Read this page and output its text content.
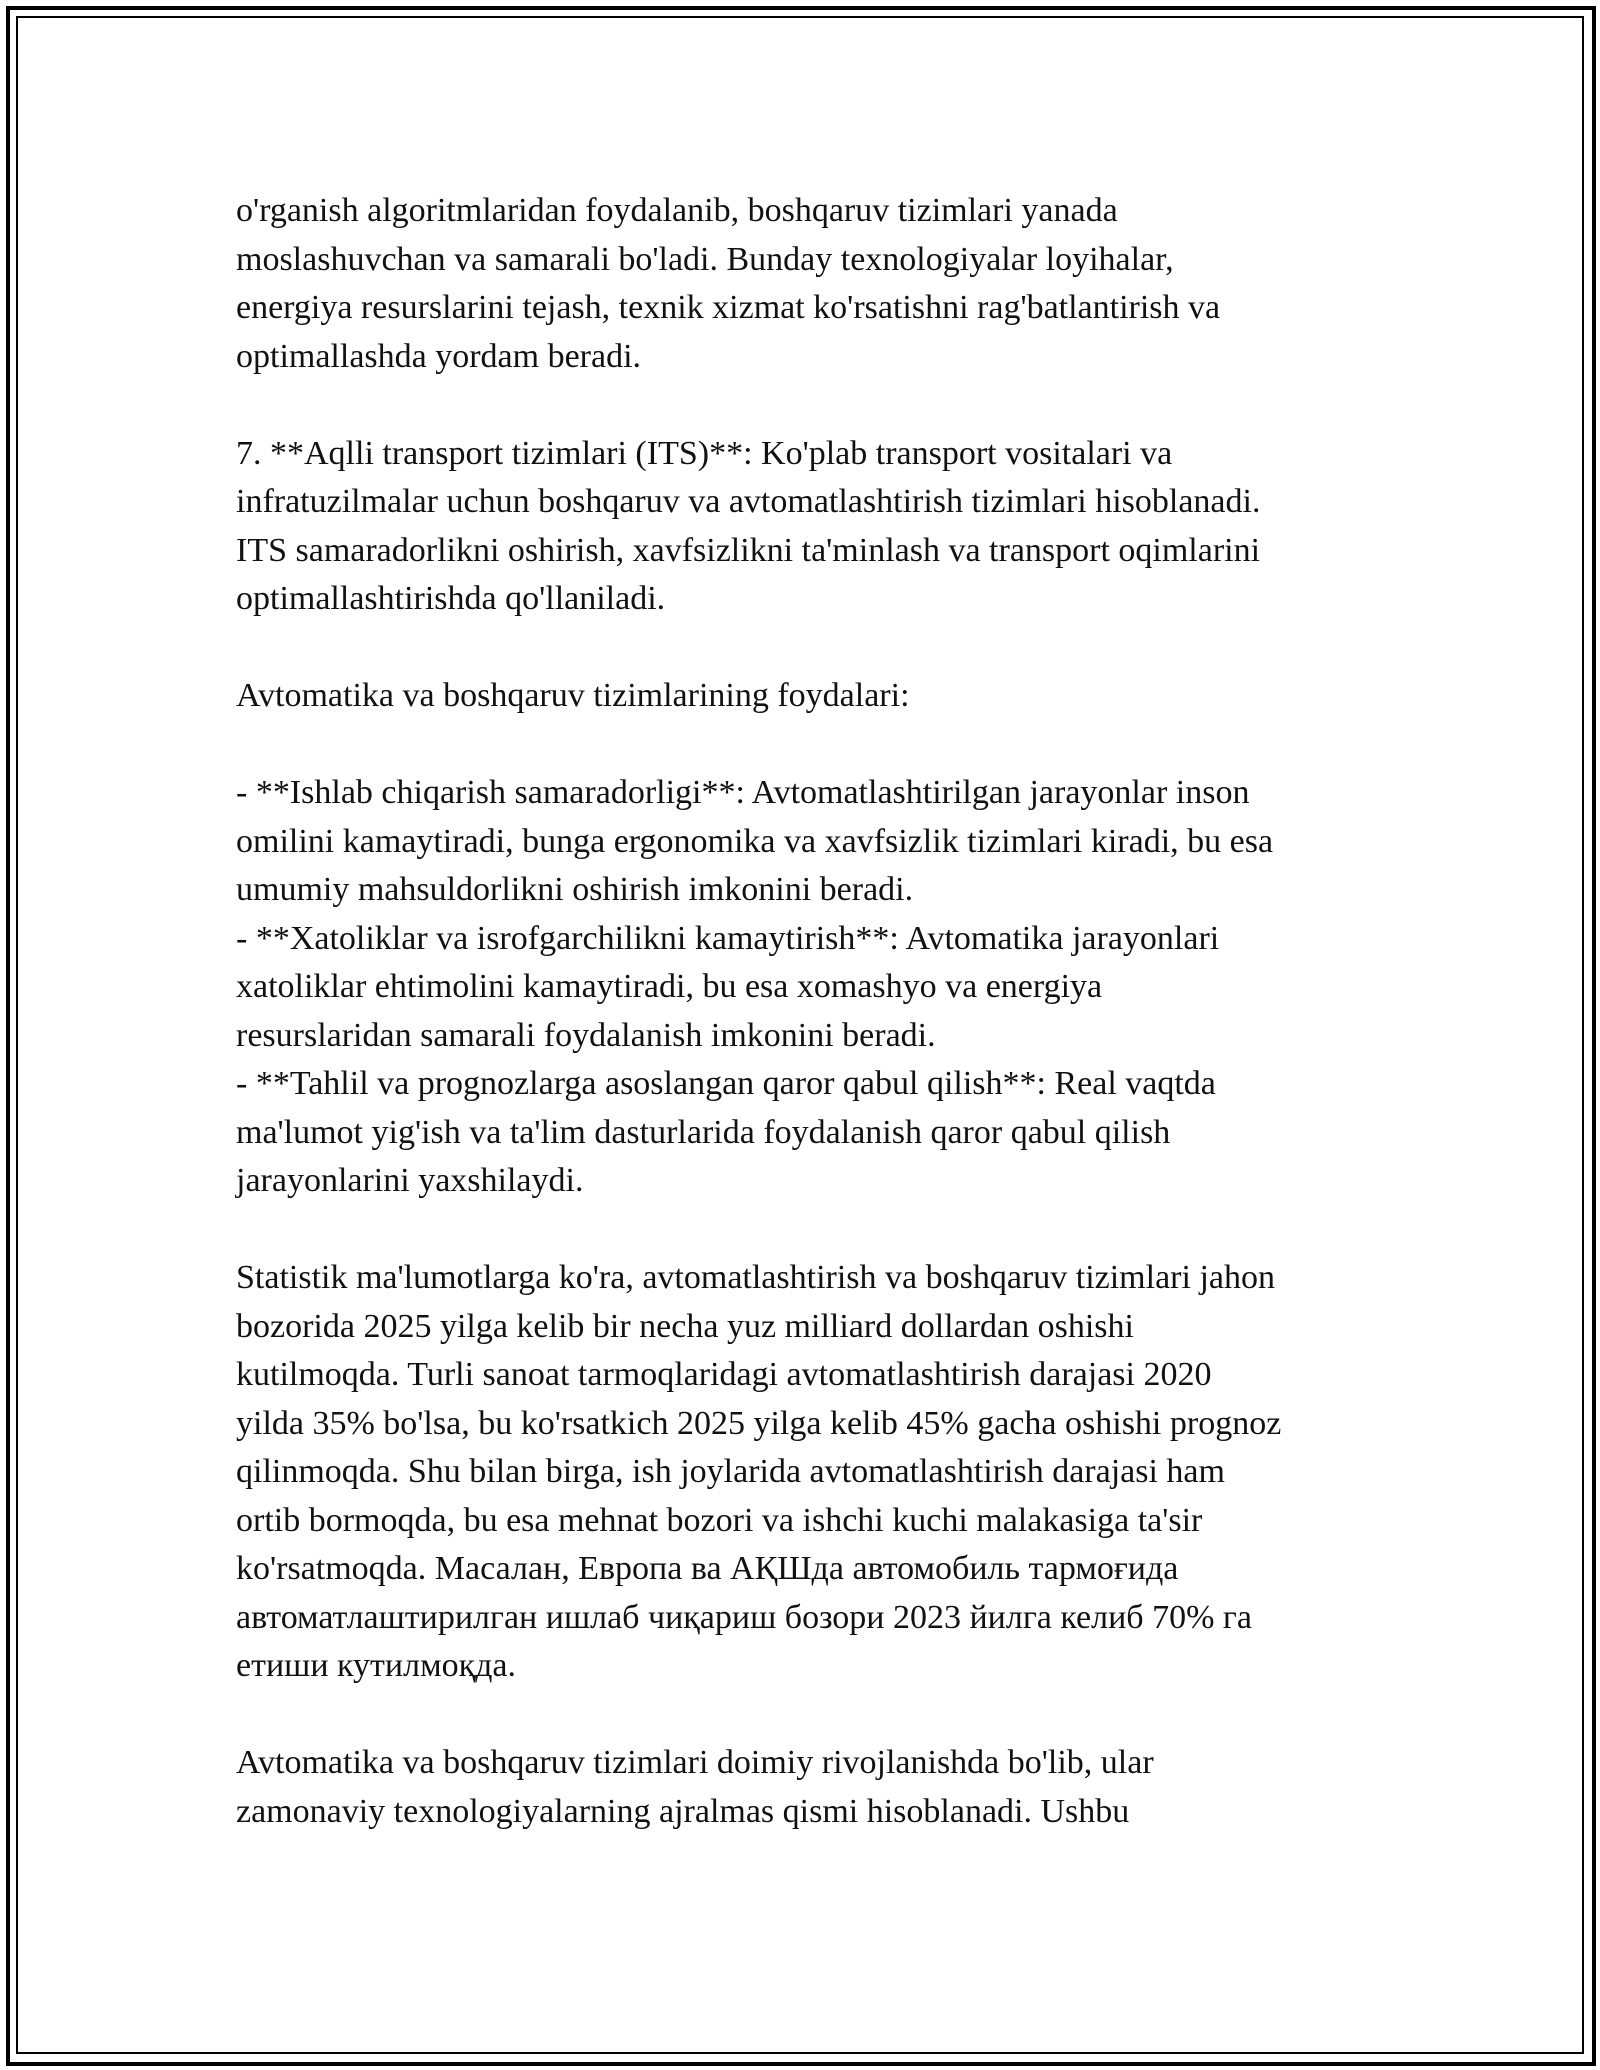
o'rganish algoritmlaridan foydalanib, boshqaruv tizimlari yanada
moslashuvchan va samarali bo'ladi. Bunday texnologiyalar loyihalar,
energiya resurslarini tejash, texnik xizmat ko'rsatishni rag'batlantirish va
optimallashda yordam beradi.
7. **Aqlli transport tizimlari (ITS)**: Ko'plab transport vositalari va
infratuzilmalar uchun boshqaruv va avtomatlashtirish tizimlari hisoblanadi.
ITS samaradorlikni oshirish, xavfsizlikni ta'minlash va transport oqimlarini
optimallashtirishda qo'llaniladi.
Avtomatika va boshqaruv tizimlarining foydalari:
- **Ishlab chiqarish samaradorligi**: Avtomatlashtirilgan jarayonlar inson
omilini kamaytiradi, bunga ergonomika va xavfsizlik tizimlari kiradi, bu esa
umumiy mahsuldorlikni oshirish imkonini beradi.
- **Xatoliklar va isrofgarchilikni kamaytirish**: Avtomatika jarayonlari
xatoliklar ehtimolini kamaytiradi, bu esa xomashyo va energiya
resurslaridan samarali foydalanish imkonini beradi.
- **Tahlil va prognozlarga asoslangan qaror qabul qilish**: Real vaqtda
ma'lumot yig'ish va ta'lim dasturlarida foydalanish qaror qabul qilish
jarayonlarini yaxshilaydi.
Statistik ma'lumotlarga ko'ra, avtomatlashtirish va boshqaruv tizimlari jahon
bozorida 2025 yilga kelib bir necha yuz milliard dollardan oshishi
kutilmoqda. Turli sanoat tarmoqlaridagi avtomatlashtirish darajasi 2020
yilda 35% bo'lsa, bu ko'rsatkich 2025 yilga kelib 45% gacha oshishi prognoz
qilinmoqda. Shu bilan birga, ish joylarida avtomatlashtirish darajasi ham
ortib bormoqda, bu esa mehnat bozori va ishchi kuchi malakasiga ta'sir
ko'rsatmoqda. Масалан, Европа ва АҚШда автомобиль тармоғида
автоматлаштирилган ишлаб чиқариш бозори 2023 йилга келиб 70% га
етиши кутилмоқда.
Avtomatika va boshqaruv tizimlari doimiy rivojlanishda bo'lib, ular
zamonaviy texnologiyalarning ajralmas qismi hisoblanadi. Ushbu
